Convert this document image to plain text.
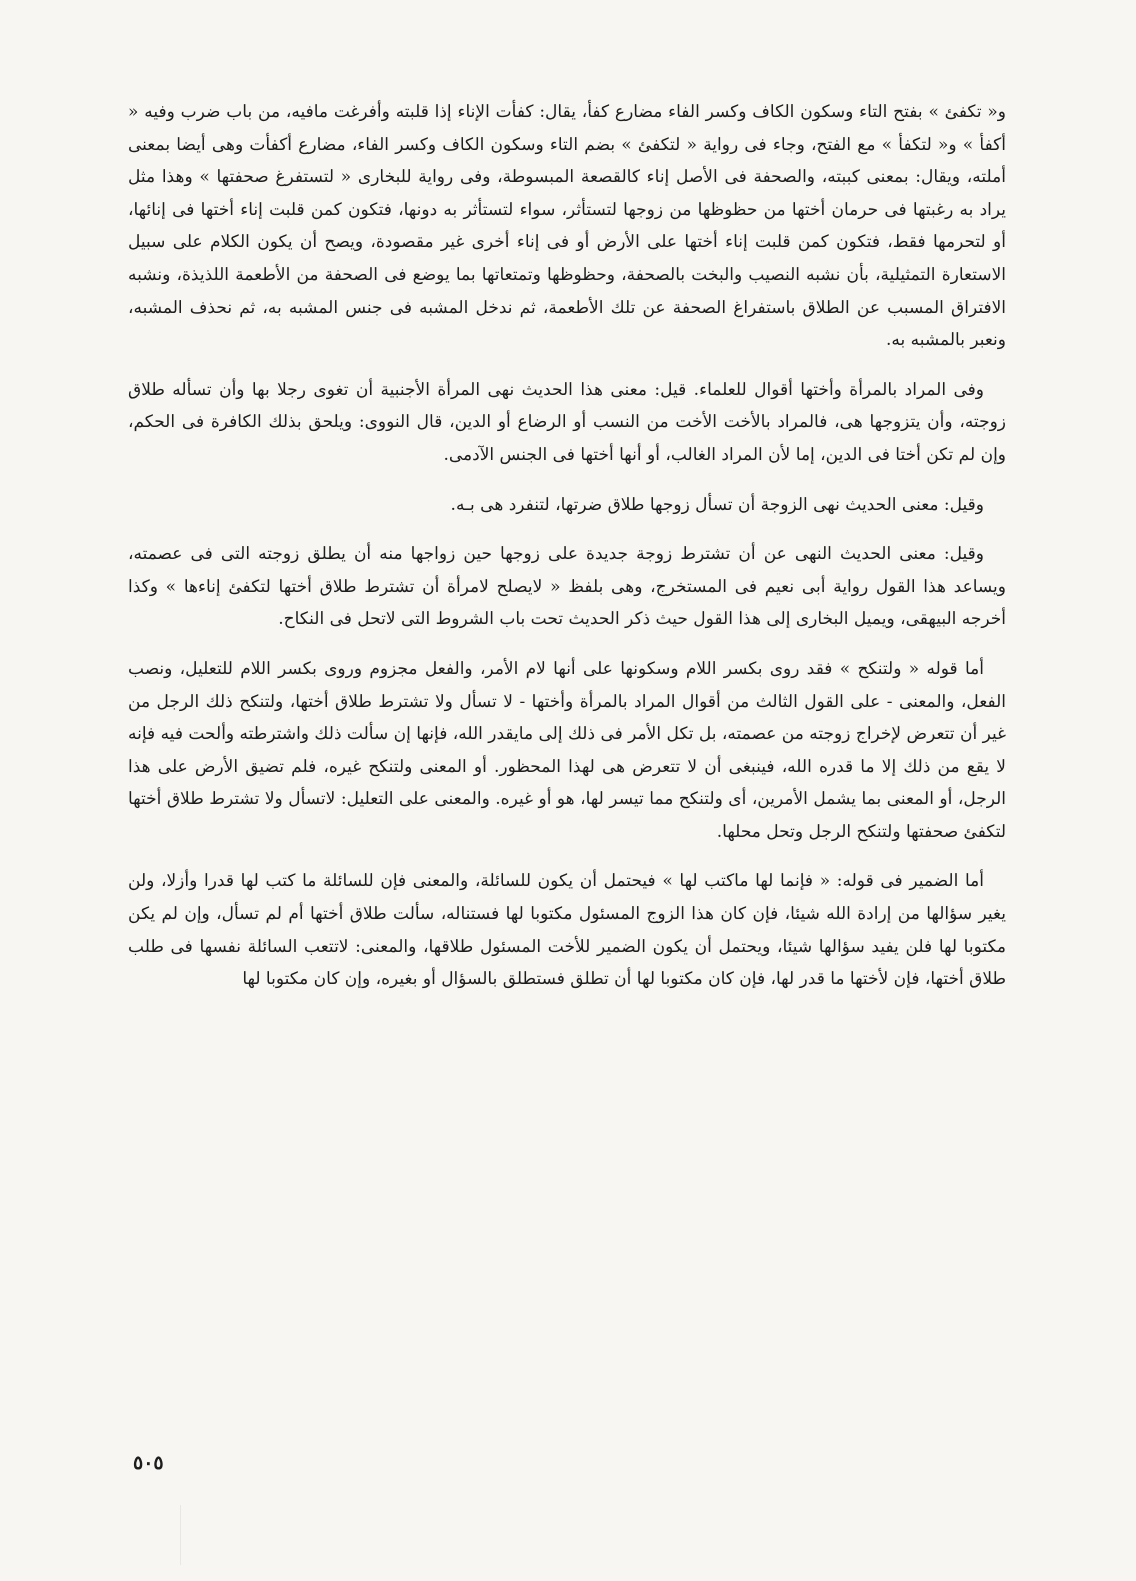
و« تكفئ » بفتح التاء وسكون الكاف وكسر الفاء مضارع كفأ، يقال: كفأت الإناء إذا قلبته وأفرغت مافيه، من باب ضرب وفيه « أكفأ » و« لتكفأ » مع الفتح، وجاء فى رواية « لتكفئ » بضم التاء وسكون الكاف وكسر الفاء، مضارع أكفأت وهى أيضا بمعنى أملته، ويقال: بمعنى كببته، والصحفة فى الأصل إناء كالقصعة المبسوطة، وفى رواية للبخارى « لتستفرغ صحفتها » وهذا مثل يراد به رغبتها فى حرمان أختها من حظوظها من زوجها لتستأثر، سواء لتستأثر به دونها، فتكون كمن قلبت إناء أختها فى إنائها، أو لتحرمها فقط، فتكون كمن قلبت إناء أختها على الأرض أو فى إناء أخرى غير مقصودة، ويصح أن يكون الكلام على سبيل الاستعارة التمثيلية، بأن نشبه النصيب والبخت بالصحفة، وحظوظها وتمتعاتها بما يوضع فى الصحفة من الأطعمة اللذيذة، ونشبه الافتراق المسبب عن الطلاق باستفراغ الصحفة عن تلك الأطعمة، ثم ندخل المشبه فى جنس المشبه به، ثم نحذف المشبه، ونعبر بالمشبه به.

وفى المراد بالمرأة وأختها أقوال للعلماء. قيل: معنى هذا الحديث نهى المرأة الأجنبية أن تغوى رجلا بها وأن تسأله طلاق زوجته، وأن يتزوجها هى، فالمراد بالأخت الأخت من النسب أو الرضاع أو الدين، قال النووى: ويلحق بذلك الكافرة فى الحكم، وإن لم تكن أختا فى الدين، إما لأن المراد الغالب، أو أنها أختها فى الجنس الآدمى.

وقيل: معنى الحديث نهى الزوجة أن تسأل زوجها طلاق ضرتها، لتنفرد هى بـه.

وقيل: معنى الحديث النهى عن أن تشترط زوجة جديدة على زوجها حين زواجها منه أن يطلق زوجته التى فى عصمته، ويساعد هذا القول رواية أبى نعيم فى المستخرج، وهى بلفظ « لايصلح لامرأة أن تشترط طلاق أختها لتكفئ إناءها » وكذا أخرجه البيهقى، ويميل البخارى إلى هذا القول حيث ذكر الحديث تحت باب الشروط التى لاتحل فى النكاح.

أما قوله « ولتنكح » فقد روى بكسر اللام وسكونها على أنها لام الأمر، والفعل مجزوم وروى بكسر اللام للتعليل، ونصب الفعل، والمعنى - على القول الثالث من أقوال المراد بالمرأة وأختها - لا تسأل ولا تشترط طلاق أختها، ولتنكح ذلك الرجل من غير أن تتعرض لإخراج زوجته من عصمته، بل تكل الأمر فى ذلك إلى مايقدر الله، فإنها إن سألت ذلك واشترطته وألحت فيه فإنه لا يقع من ذلك إلا ما قدره الله، فينبغى أن لا تتعرض هى لهذا المحظور. أو المعنى ولتنكح غيره، فلم تضيق الأرض على هذا الرجل، أو المعنى بما يشمل الأمرين، أى ولتنكح مما تيسر لها، هو أو غيره. والمعنى على التعليل: لاتسأل ولا تشترط طلاق أختها لتكفئ صحفتها ولتنكح الرجل وتحل محلها.

أما الضمير فى قوله: « فإنما لها ماكتب لها » فيحتمل أن يكون للسائلة، والمعنى فإن للسائلة ما كتب لها قدرا وأزلا، ولن يغير سؤالها من إرادة الله شيئا، فإن كان هذا الزوج المسئول مكتوبا لها فستناله، سألت طلاق أختها أم لم تسأل، وإن لم يكن مكتوبا لها فلن يفيد سؤالها شيئا، ويحتمل أن يكون الضمير للأخت المسئول طلاقها، والمعنى: لاتتعب السائلة نفسها فى طلب طلاق أختها، فإن لأختها ما قدر لها، فإن كان مكتوبا لها أن تطلق فستطلق بالسؤال أو بغيره، وإن كان مكتوبا لها

٥٠٥
